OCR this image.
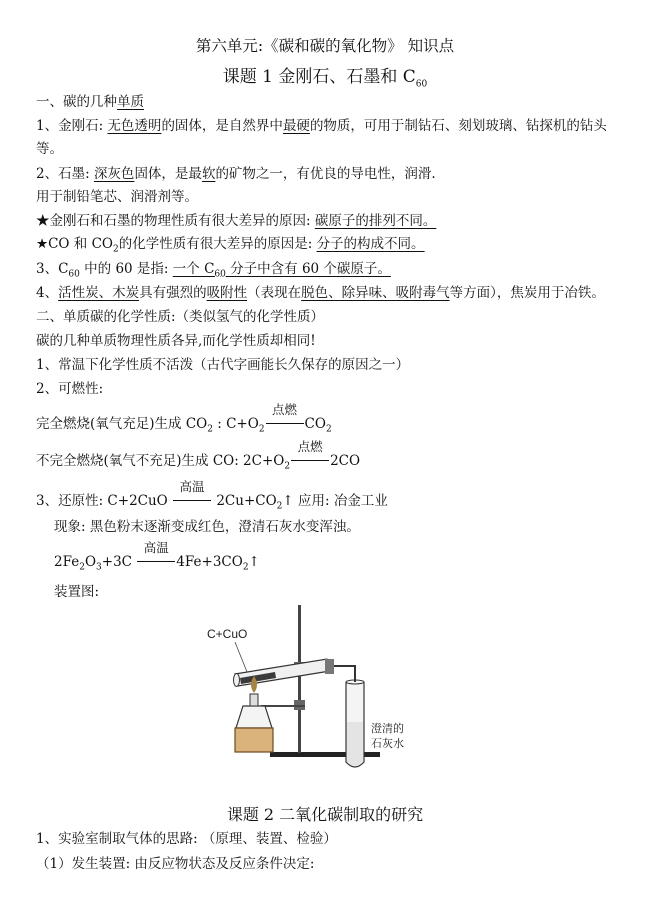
第六单元:《碳和碳的氧化物》 知识点
课题 1 金刚石、石墨和 $C_{60}$
一、碳的几种单质
1、金刚石: 无色透明的固体，是自然界中最硬的物质，可用于制钻石、刻划玻璃、钻探机的钻头
等。
2、石墨: 深灰色固体，是最软的矿物之一，有优良的导电性，润滑.
用于制铅笔芯、润滑剂等。
★金刚石和石墨的物理性质有很大差异的原因: 碳原子的排列不同。
★CO 和 $CO_2$的化学性质有很大差异的原因是: 分子的构成不同。
3、$C_{60}$ 中的 60 是指: 一个 $C_{60}$ 分子中含有 60 个碳原子。
4、活性炭、木炭具有强烈的吸附性（表现在脱色、除异味、吸附毒气等方面），焦炭用于冶铁。
二、单质碳的化学性质:（类似氢气的化学性质）
碳的几种单质物理性质各异,而化学性质却相同!
1、常温下化学性质不活泼（古代字画能长久保存的原因之一）
2、可燃性:
完全燃烧(氧气充足)生成 $CO_2$ : $C+O_2$
点燃
$CO_2$
不完全燃烧(氧气不充足)生成 CO: $2C+O_2$
点燃
2CO
3、还原性: C+2CuO
高温
$2Cu+CO_2↑$ 应用: 冶金工业
现象: 黑色粉末逐渐变成红色，澄清石灰水变浑浊。
$2Fe_2O_3+3C$
高温
$4Fe+3CO_2↑$
装置图:
C+CuO
澄清的
石灰水
课题 2 二氧化碳制取的研究
1、实验室制取气体的思路: （原理、装置、检验）
（1）发生装置: 由反应物状态及反应条件决定:
